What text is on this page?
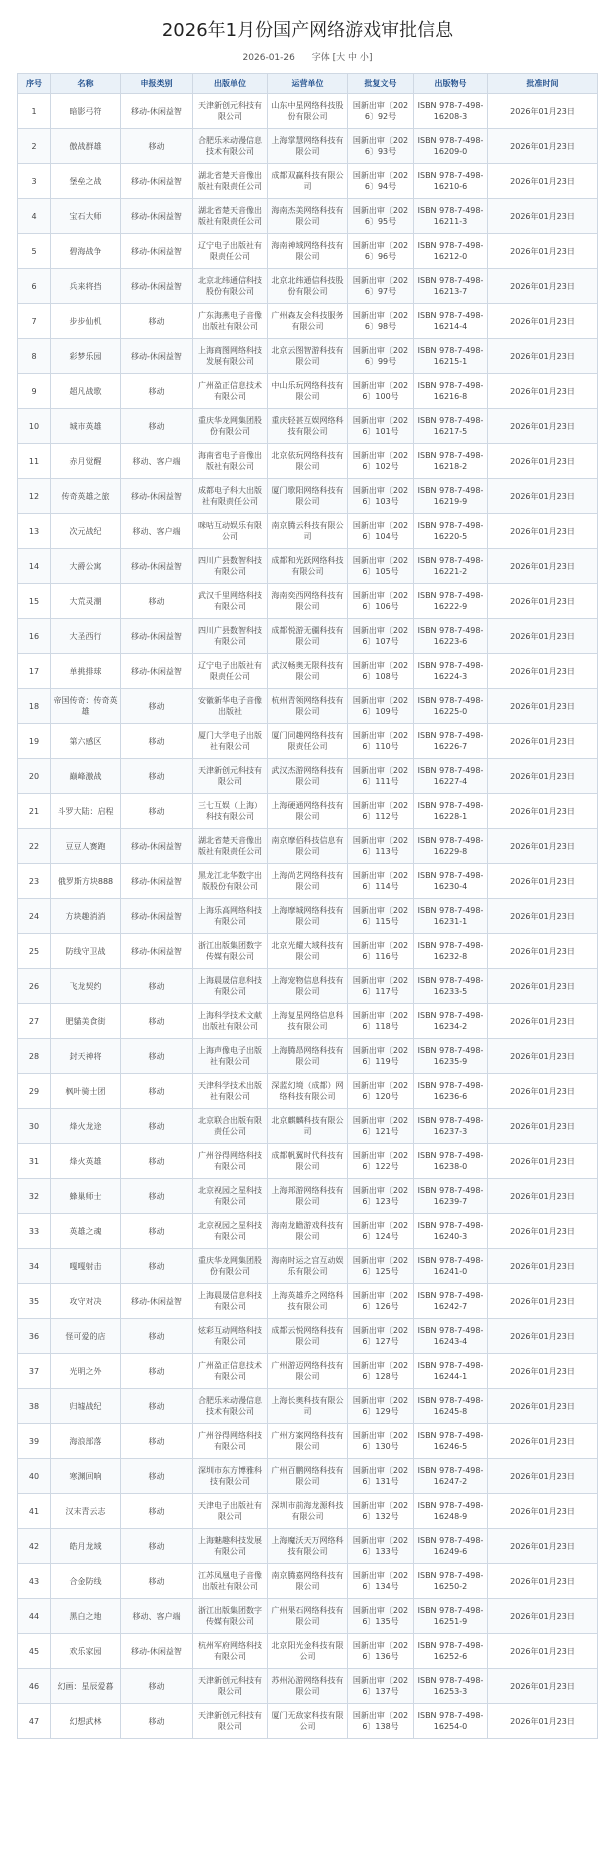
2026年1月份国产网络游戏审批信息
2026-01-26 字体 [大 中 小]
序号	名称	申报类别	出版单位	运营单位	批复文号	出版物号	批准时间
1	暗影弓符	移动-休闲益智	天津新创元科技有限公司	山东中星网络科技股份有限公司	国新出审〔2026〕92号	ISBN 978-7-498-16208-3	2026年01月23日
2	傲战群雄	移动	合肥乐米动漫信息技术有限公司	上海掌慧网络科技有限公司	国新出审〔2026〕93号	ISBN 978-7-498-16209-0	2026年01月23日
3	堡垒之战	移动-休闲益智	湖北省楚天音像出版社有限责任公司	成都双赢科技有限公司	国新出审〔2026〕94号	ISBN 978-7-498-16210-6	2026年01月23日
4	宝石大师	移动-休闲益智	湖北省楚天音像出版社有限责任公司	海南杰美网络科技有限公司	国新出审〔2026〕95号	ISBN 978-7-498-16211-3	2026年01月23日
5	碧海战争	移动-休闲益智	辽宁电子出版社有限责任公司	海南神域网络科技有限公司	国新出审〔2026〕96号	ISBN 978-7-498-16212-0	2026年01月23日
6	兵来将挡	移动-休闲益智	北京北纬通信科技股份有限公司	北京北纬通信科技股份有限公司	国新出审〔2026〕97号	ISBN 978-7-498-16213-7	2026年01月23日
7	步步仙机	移动	广东海燕电子音像出版社有限公司	广州森友会科技服务有限公司	国新出审〔2026〕98号	ISBN 978-7-498-16214-4	2026年01月23日
8	彩梦乐园	移动-休闲益智	上海商图网络科技发展有限公司	北京云图智游科技有限公司	国新出审〔2026〕99号	ISBN 978-7-498-16215-1	2026年01月23日
9	超凡战歌	移动	广州盈正信息技术有限公司	中山乐玩网络科技有限公司	国新出审〔2026〕100号	ISBN 978-7-498-16216-8	2026年01月23日
10	城市英雄	移动	重庆华龙网集团股份有限公司	重庆轻甚互娱网络科技有限公司	国新出审〔2026〕101号	ISBN 978-7-498-16217-5	2026年01月23日
11	赤月觉醒	移动、客户端	海南省电子音像出版社有限公司	北京依玩网络科技有限公司	国新出审〔2026〕102号	ISBN 978-7-498-16218-2	2026年01月23日
12	传奇英雄之旅	移动-休闲益智	成都电子科大出版社有限责任公司	厦门歌阳网络科技有限公司	国新出审〔2026〕103号	ISBN 978-7-498-16219-9	2026年01月23日
13	次元战纪	移动、客户端	咪咕互动娱乐有限公司	南京腾云科技有限公司	国新出审〔2026〕104号	ISBN 978-7-498-16220-5	2026年01月23日
14	大爵公寓	移动-休闲益智	四川广县数智科技有限公司	成都和光跃网络科技有限公司	国新出审〔2026〕105号	ISBN 978-7-498-16221-2	2026年01月23日
15	大荒灵潮	移动	武汉千里网络科技有限公司	海南奕西网络科技有限公司	国新出审〔2026〕106号	ISBN 978-7-498-16222-9	2026年01月23日
16	大圣西行	移动-休闲益智	四川广县数智科技有限公司	成都悦游无疆科技有限公司	国新出审〔2026〕107号	ISBN 978-7-498-16223-6	2026年01月23日
17	单挑排球	移动-休闲益智	辽宁电子出版社有限责任公司	武汉畅奥无限科技有限公司	国新出审〔2026〕108号	ISBN 978-7-498-16224-3	2026年01月23日
18	帝国传奇：传奇英雄	移动	安徽新华电子音像出版社	杭州青领网络科技有限公司	国新出审〔2026〕109号	ISBN 978-7-498-16225-0	2026年01月23日
19	第六感区	移动	厦门大学电子出版社有限公司	厦门同趣网络科技有限责任公司	国新出审〔2026〕110号	ISBN 978-7-498-16226-7	2026年01月23日
20	巅峰激战	移动	天津新创元科技有限公司	武汉杰游网络科技有限公司	国新出审〔2026〕111号	ISBN 978-7-498-16227-4	2026年01月23日
21	斗罗大陆：启程	移动	三七互娱（上海）科技有限公司	上海硬通网络科技有限公司	国新出审〔2026〕112号	ISBN 978-7-498-16228-1	2026年01月23日
22	豆豆人赛跑	移动-休闲益智	湖北省楚天音像出版社有限责任公司	南京摩佰科技信息有限公司	国新出审〔2026〕113号	ISBN 978-7-498-16229-8	2026年01月23日
23	俄罗斯方块888	移动-休闲益智	黑龙江北华数字出版股份有限公司	上海尚艺网络科技有限公司	国新出审〔2026〕114号	ISBN 978-7-498-16230-4	2026年01月23日
24	方块趣消消	移动-休闲益智	上海乐高网络科技有限公司	上海摩城网络科技有限公司	国新出审〔2026〕115号	ISBN 978-7-498-16231-1	2026年01月23日
25	防线守卫战	移动-休闲益智	浙江出版集团数字传媒有限公司	北京光耀大域科技有限公司	国新出审〔2026〕116号	ISBN 978-7-498-16232-8	2026年01月23日
26	飞龙契约	移动	上海晨晟信息科技有限公司	上海宠物信息科技有限公司	国新出审〔2026〕117号	ISBN 978-7-498-16233-5	2026年01月23日
27	肥貓美食街	移动	上海科学技术文献出版社有限公司	上海复星网络信息科技有限公司	国新出审〔2026〕118号	ISBN 978-7-498-16234-2	2026年01月23日
28	封天神将	移动	上海声像电子出版社有限公司	上海腾昂网络科技有限公司	国新出审〔2026〕119号	ISBN 978-7-498-16235-9	2026年01月23日
29	枫叶骑士团	移动	天津科学技术出版社有限公司	深蓝幻境（成都）网络科技有限公司	国新出审〔2026〕120号	ISBN 978-7-498-16236-6	2026年01月23日
30	烽火龙途	移动	北京联合出版有限责任公司	北京麒麟科技有限公司	国新出审〔2026〕121号	ISBN 978-7-498-16237-3	2026年01月23日
31	烽火英雄	移动	广州谷得网络科技有限公司	成都帆翼时代科技有限公司	国新出审〔2026〕122号	ISBN 978-7-498-16238-0	2026年01月23日
32	蜂巢师士	移动	北京视园之星科技有限公司	上海邦游网络科技有限公司	国新出审〔2026〕123号	ISBN 978-7-498-16239-7	2026年01月23日
33	英雄之魂	移动	北京视园之星科技有限公司	海南龙瞻游戏科技有限公司	国新出审〔2026〕124号	ISBN 978-7-498-16240-3	2026年01月23日
34	嘎嘎射击	移动	重庆华龙网集团股份有限公司	海南时运之宫互动娱乐有限公司	国新出审〔2026〕125号	ISBN 978-7-498-16241-0	2026年01月23日
35	攻守对决	移动-休闲益智	上海晨晟信息科技有限公司	上海英雄乔之网络科技有限公司	国新出审〔2026〕126号	ISBN 978-7-498-16242-7	2026年01月23日
36	怪可爱的店	移动	炫彩互动网络科技有限公司	成都云悦网络科技有限公司	国新出审〔2026〕127号	ISBN 978-7-498-16243-4	2026年01月23日
37	光明之外	移动	广州盈正信息技术有限公司	广州游迈网络科技有限公司	国新出审〔2026〕128号	ISBN 978-7-498-16244-1	2026年01月23日
38	归墟战纪	移动	合肥乐米动漫信息技术有限公司	上海长奥科技有限公司	国新出审〔2026〕129号	ISBN 978-7-498-16245-8	2026年01月23日
39	海浪部落	移动	广州谷得网络科技有限公司	广州方案网络科技有限公司	国新出审〔2026〕130号	ISBN 978-7-498-16246-5	2026年01月23日
40	寒渊回响	移动	深圳市东方博雅科技有限公司	广州百鹏网络科技有限公司	国新出审〔2026〕131号	ISBN 978-7-498-16247-2	2026年01月23日
41	汉末青云志	移动	天津电子出版社有限公司	深圳市前海龙源科技有限公司	国新出审〔2026〕132号	ISBN 978-7-498-16248-9	2026年01月23日
42	皓月龙域	移动	上海魅趣科技发展有限公司	上海魔沃天万网络科技有限公司	国新出审〔2026〕133号	ISBN 978-7-498-16249-6	2026年01月23日
43	合金防线	移动	江苏凤凰电子音像出版社有限公司	南京腾嘉网络科技有限公司	国新出审〔2026〕134号	ISBN 978-7-498-16250-2	2026年01月23日
44	黑白之地	移动、客户端	浙江出版集团数字传媒有限公司	广州果石网络科技有限公司	国新出审〔2026〕135号	ISBN 978-7-498-16251-9	2026年01月23日
45	欢乐家园	移动-休闲益智	杭州军府网络科技有限公司	北京阳光金科技有限公司	国新出审〔2026〕136号	ISBN 978-7-498-16252-6	2026年01月23日
46	幻画：星辰爱暮	移动	天津新创元科技有限公司	苏州沁游网络科技有限公司	国新出审〔2026〕137号	ISBN 978-7-498-16253-3	2026年01月23日
47	幻想武林	移动	天津新创元科技有限公司	厦门无敌家科技有限公司	国新出审〔2026〕138号	ISBN 978-7-498-16254-0	2026年01月23日
